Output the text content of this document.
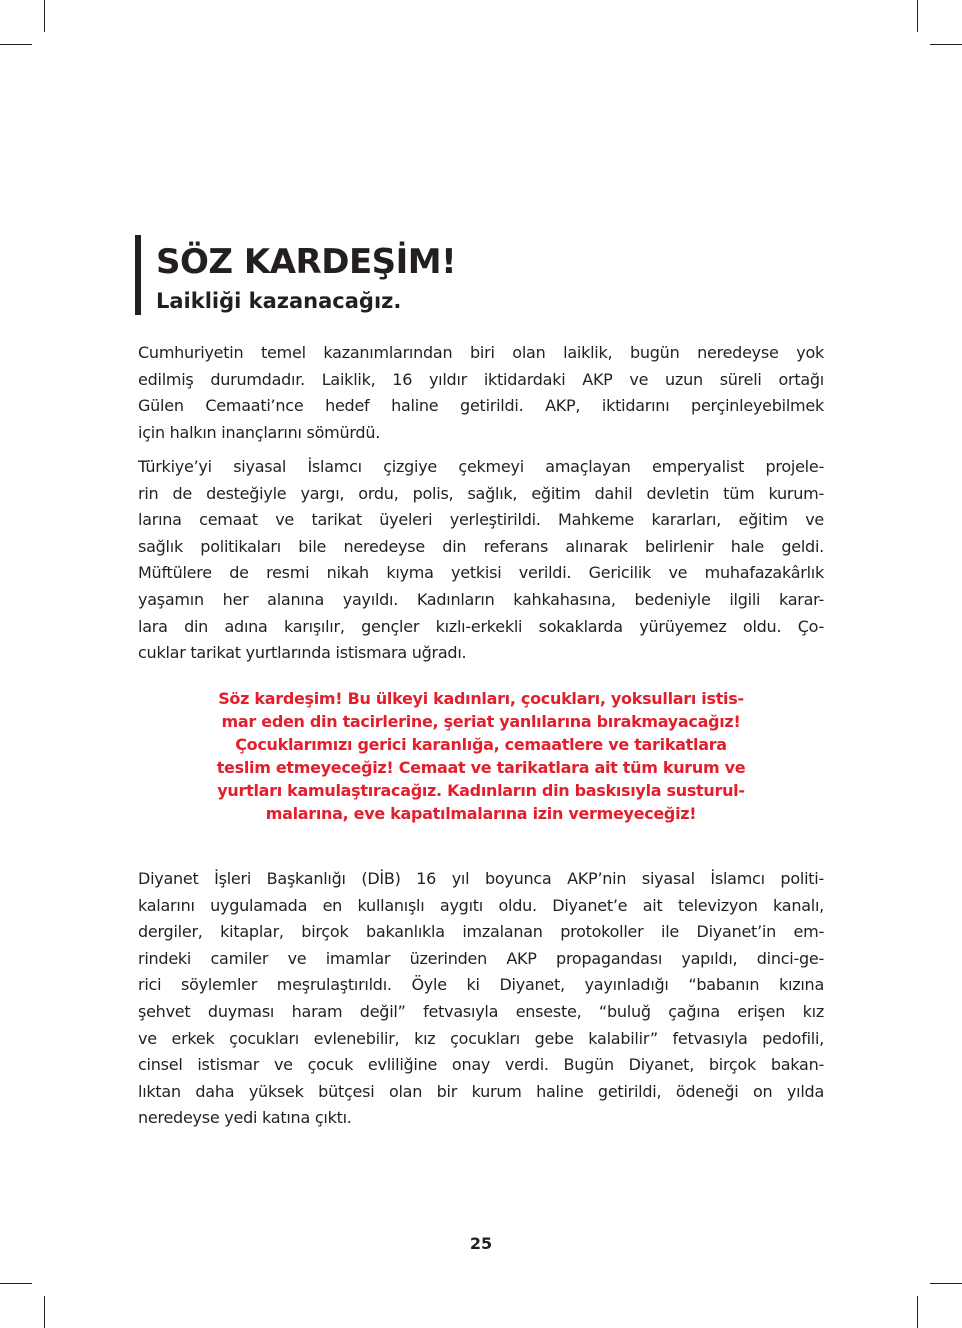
SÖZ KARDEŞİM!
Laikliği kazanacağız.
Cumhuriyetin temel kazanımlarından biri olan laiklik, bugün neredeyse yok
edilmiş durumdadır. Laiklik, 16 yıldır iktidardaki AKP ve uzun süreli ortağı
Gülen Cemaati’nce hedef haline getirildi. AKP, iktidarını perçinleyebilmek
için halkın inançlarını sömürdü.
Türkiye’yi siyasal İslamcı çizgiye çekmeyi amaçlayan emperyalist projele-
rin de desteğiyle yargı, ordu, polis, sağlık, eğitim dahil devletin tüm kurum-
larına cemaat ve tarikat üyeleri yerleştirildi. Mahkeme kararları, eğitim ve
sağlık politikaları bile neredeyse din referans alınarak belirlenir hale geldi.
Müftülere de resmi nikah kıyma yetkisi verildi. Gericilik ve muhafazakârlık
yaşamın her alanına yayıldı. Kadınların kahkahasına, bedeniyle ilgili karar-
lara din adına karışılır, gençler kızlı-erkekli sokaklarda yürüyemez oldu. Ço-
cuklar tarikat yurtlarında istismara uğradı.
Söz kardeşim! Bu ülkeyi kadınları, çocukları, yoksulları istis-
mar eden din tacirlerine, şeriat yanlılarına bırakmayacağız!
Çocuklarımızı gerici karanlığa, cemaatlere ve tarikatlara
teslim etmeyeceğiz! Cemaat ve tarikatlara ait tüm kurum ve
yurtları kamulaştıracağız. Kadınların din baskısıyla susturul-
malarına, eve kapatılmalarına izin vermeyeceğiz!
Diyanet İşleri Başkanlığı (DİB) 16 yıl boyunca AKP’nin siyasal İslamcı politi-
kalarını uygulamada en kullanışlı aygıtı oldu. Diyanet’e ait televizyon kanalı,
dergiler, kitaplar, birçok bakanlıkla imzalanan protokoller ile Diyanet’in em-
rindeki camiler ve imamlar üzerinden AKP propagandası yapıldı, dinci-ge-
rici söylemler meşrulaştırıldı. Öyle ki Diyanet, yayınladığı “babanın kızına
şehvet duyması haram değil” fetvasıyla enseste, “buluğ çağına erişen kız
ve erkek çocukları evlenebilir, kız çocukları gebe kalabilir” fetvasıyla pedofili,
cinsel istismar ve çocuk evliliğine onay verdi. Bugün Diyanet, birçok bakan-
lıktan daha yüksek bütçesi olan bir kurum haline getirildi, ödeneği on yılda
neredeyse yedi katına çıktı.
25
